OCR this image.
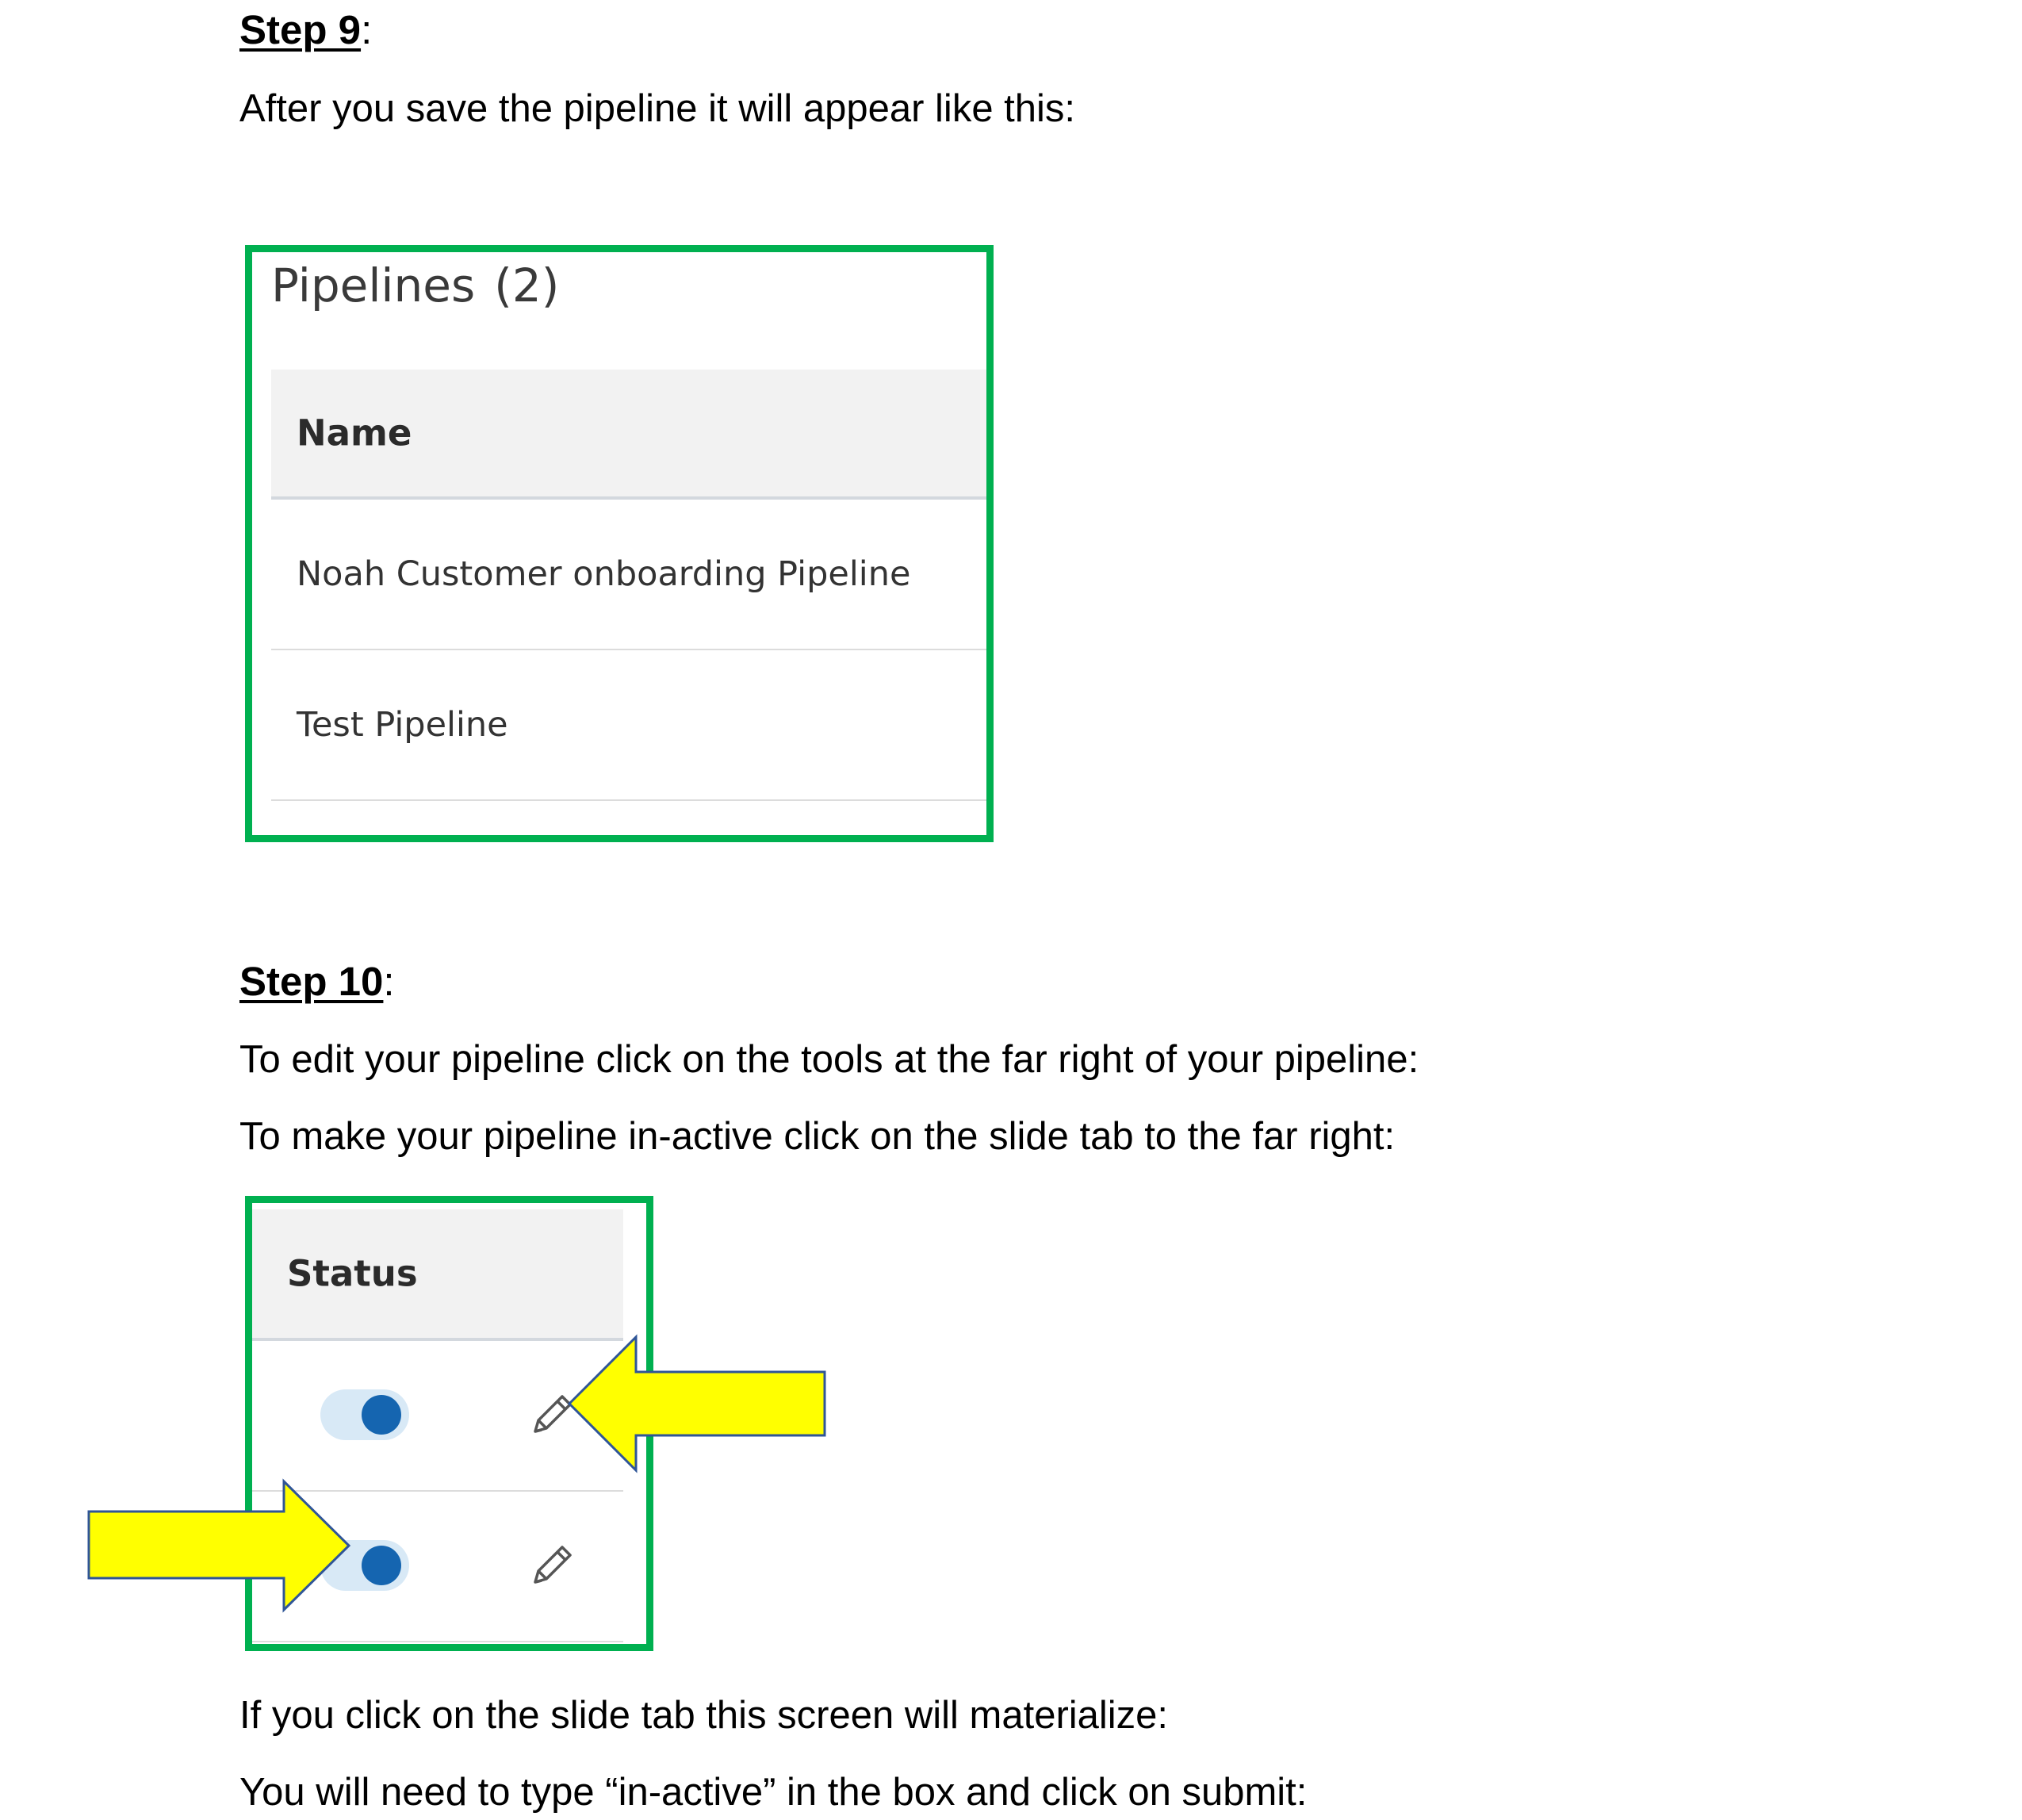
Step 9:

After you save the pipeline it will appear like this:

Pipelines (2)
Name
Noah Customer onboarding Pipeline
Test Pipeline

Step 10:

To edit your pipeline click on the tools at the far right of your pipeline:

To make your pipeline in-active click on the slide tab to the far right:

Status

If you click on the slide tab this screen will materialize:

You will need to type “in-active” in the box and click on submit:
